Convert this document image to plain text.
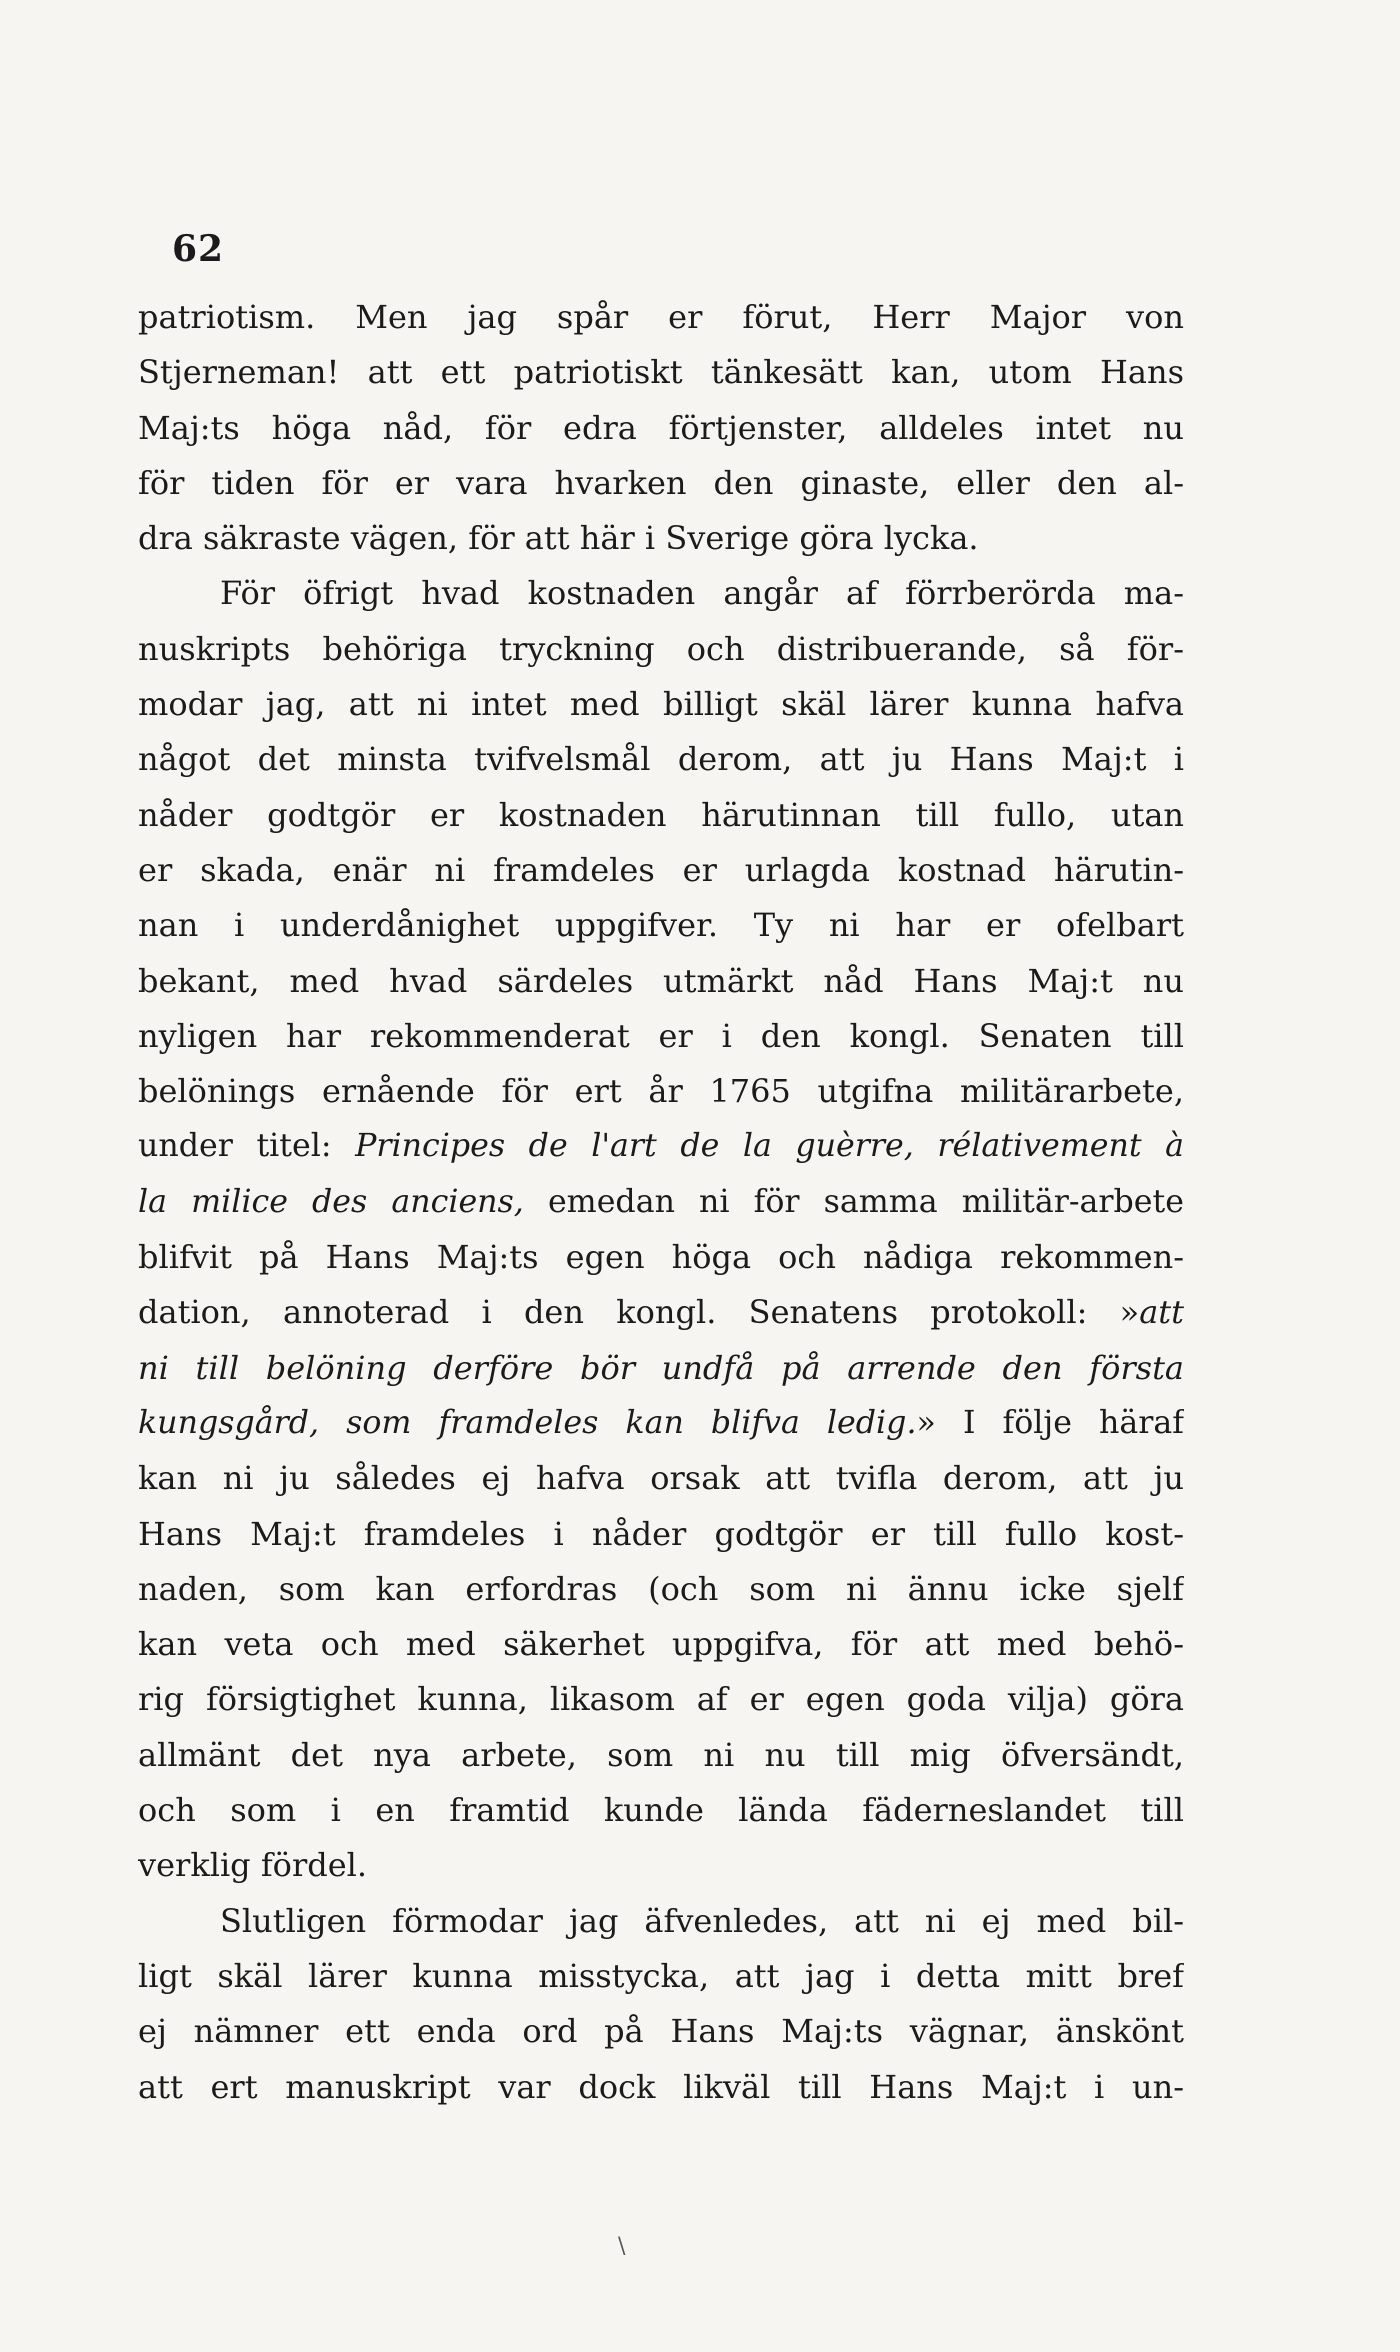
62
patriotism. Men jag spår er förut, Herr Major von
Stjerneman! att ett patriotiskt tänkesätt kan, utom Hans
Maj:ts höga nåd, för edra förtjenster, alldeles intet nu
för tiden för er vara hvarken den ginaste, eller den al-
dra säkraste vägen, för att här i Sverige göra lycka.
För öfrigt hvad kostnaden angår af förrberörda ma-
nuskripts behöriga tryckning och distribuerande, så för-
modar jag, att ni intet med billigt skäl lärer kunna hafva
något det minsta tvifvelsmål derom, att ju Hans Maj:t i
nåder godtgör er kostnaden härutinnan till fullo, utan
er skada, enär ni framdeles er urlagda kostnad härutin-
nan i underdånighet uppgifver. Ty ni har er ofelbart
bekant, med hvad särdeles utmärkt nåd Hans Maj:t nu
nyligen har rekommenderat er i den kongl. Senaten till
belönings ernående för ert år 1765 utgifna militärarbete,
under titel: Principes de l'art de la guèrre, rélativement à
la milice des anciens, emedan ni för samma militär-arbete
blifvit på Hans Maj:ts egen höga och nådiga rekommen-
dation, annoterad i den kongl. Senatens protokoll: »att
ni till belöning derföre bör undfå på arrende den första
kungsgård, som framdeles kan blifva ledig.» I följe häraf
kan ni ju således ej hafva orsak att tvifla derom, att ju
Hans Maj:t framdeles i nåder godtgör er till fullo kost-
naden, som kan erfordras (och som ni ännu icke sjelf
kan veta och med säkerhet uppgifva, för att med behö-
rig försigtighet kunna, likasom af er egen goda vilja) göra
allmänt det nya arbete, som ni nu till mig öfversändt,
och som i en framtid kunde lända fäderneslandet till
verklig fördel.
Slutligen förmodar jag äfvenledes, att ni ej med bil-
ligt skäl lärer kunna misstycka, att jag i detta mitt bref
ej nämner ett enda ord på Hans Maj:ts vägnar, änskönt
att ert manuskript var dock likväl till Hans Maj:t i un-
\
